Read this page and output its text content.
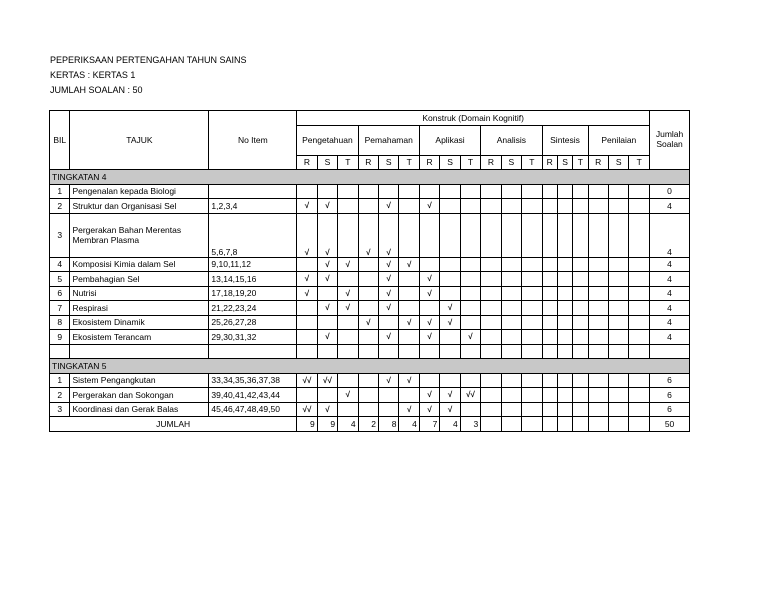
PEPERIKSAAN PERTENGAHAN TAHUN SAINS
KERTAS : KERTAS 1
JUMLAH SOALAN : 50
BIL	TAJUK	No Item	Konstruk (Domain Kognitif)																		Jumlah Soalan
			Pengetahuan			Pemahaman			Aplikasi			Analisis			Sintesis			Penilaian			
			R	S	T	R	S	T	R	S	T	R	S	T	R	S	T	R	S	T	
TINGKATAN 4																					
1	Pengenalan kepada Biologi																				0
2	Struktur dan Organisasi Sel	1,2,3,4	√	√			√		√												4
3	Pergerakan Bahan Merentas Membran Plasma	5,6,7,8	√	√		√	√														4
4	Komposisi Kimia dalam Sel	9,10,11,12		√	√		√	√													4
5	Pembahagian Sel	13,14,15,16	√	√			√		√												4
6	Nutrisi	17,18,19,20	√		√		√		√												4
7	Respirasi	21,22,23,24		√	√		√			√											4
8	Ekosistem Dinamik	25,26,27,28				√		√	√	√											4
9	Ekosistem Terancam	29,30,31,32		√			√		√		√										4

TINGKATAN 5																					
1	Sistem Pengangkutan	33,34,35,36,37,38	√√	√√			√	√													6
2	Pergerakan dan Sokongan	39,40,41,42,43,44			√				√	√	√√										6
3	Koordinasi dan Gerak Balas	45,46,47,48,49,50	√√	√				√	√	√											6
JUMLAH			9	9	4	2	8	4	7	4	3										50
